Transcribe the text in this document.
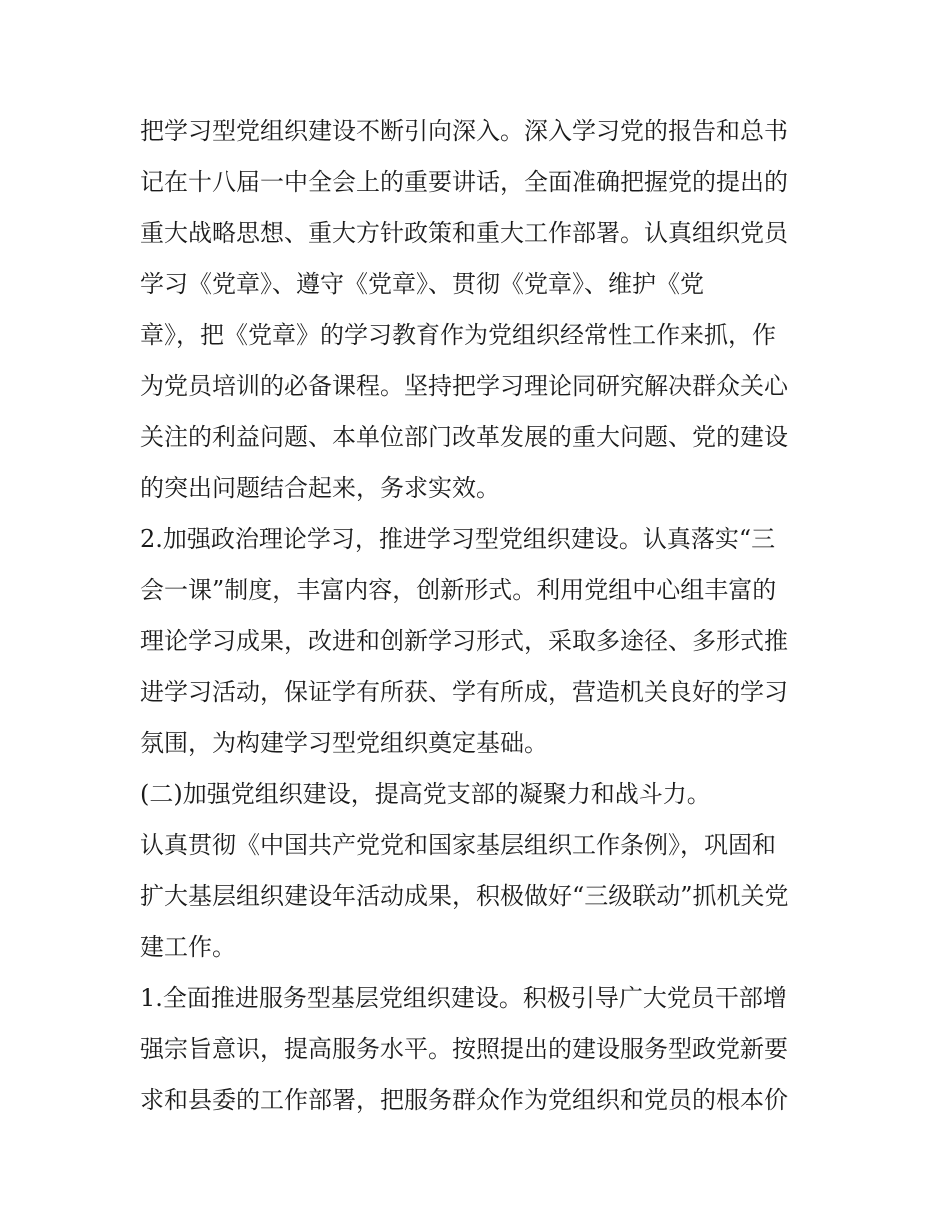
把学习型党组织建设不断引向深入。深入学习党的报告和总书
记在十八届一中全会上的重要讲话，全面准确把握党的提出的
重大战略思想、重大方针政策和重大工作部署。认真组织党员
学习《党章》、遵守《党章》、贯彻《党章》、维护《党
章》，把《党章》的学习教育作为党组织经常性工作来抓，作
为党员培训的必备课程。坚持把学习理论同研究解决群众关心
关注的利益问题、本单位部门改革发展的重大问题、党的建设
的突出问题结合起来，务求实效。
2.加强政治理论学习，推进学习型党组织建设。认真落实“三
会一课”制度，丰富内容，创新形式。利用党组中心组丰富的
理论学习成果，改进和创新学习形式，采取多途径、多形式推
进学习活动，保证学有所获、学有所成，营造机关良好的学习
氛围，为构建学习型党组织奠定基础。
(二)加强党组织建设，提高党支部的凝聚力和战斗力。
认真贯彻《中国共产党党和国家基层组织工作条例》，巩固和
扩大基层组织建设年活动成果，积极做好“三级联动”抓机关党
建工作。
1.全面推进服务型基层党组织建设。积极引导广大党员干部增
强宗旨意识，提高服务水平。按照提出的建设服务型政党新要
求和县委的工作部署，把服务群众作为党组织和党员的根本价
